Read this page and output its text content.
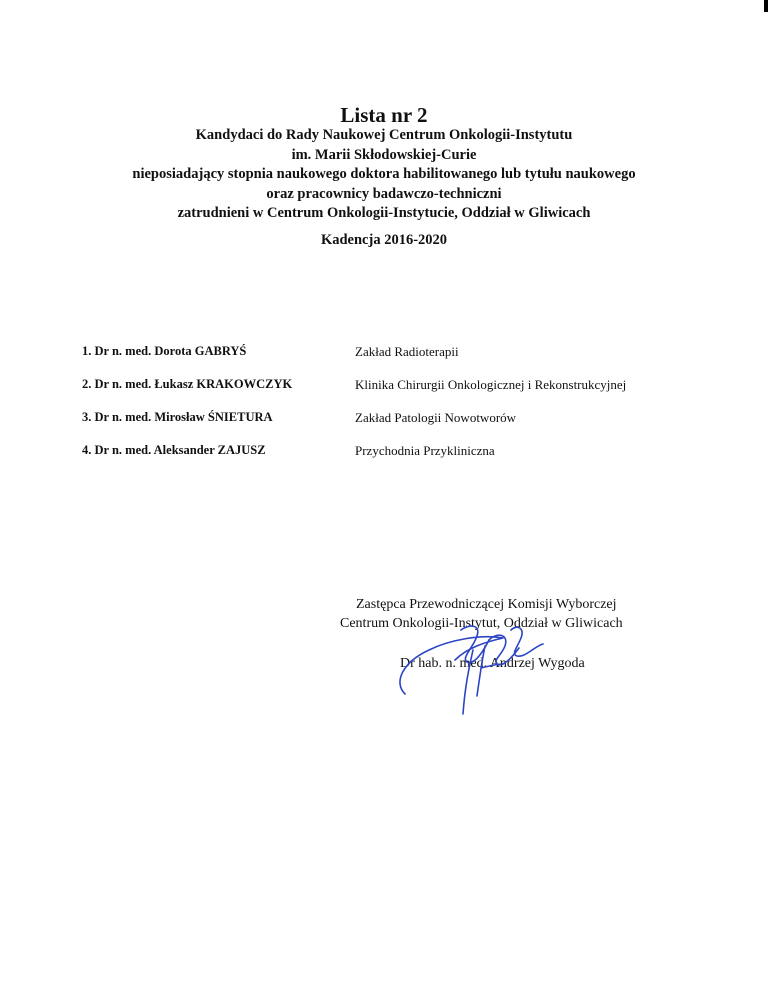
Lista nr 2
Kandydaci do Rady Naukowej Centrum Onkologii-Instytutu
im. Marii Skłodowskiej-Curie
nieposiadający stopnia naukowego doktora habilitowanego lub tytułu naukowego
oraz pracownicy badawczo-techniczni
zatrudnieni w Centrum Onkologii-Instytucie, Oddział w Gliwicach
Kadencja 2016-2020
1. Dr n. med. Dorota GABRYŚ	Zakład Radioterapii
2. Dr n. med. Łukasz KRAKOWCZYK	Klinika Chirurgii Onkologicznej i Rekonstrukcyjnej
3. Dr n. med. Mirosław ŚNIETURA	Zakład Patologii Nowotworów
4. Dr n. med. Aleksander ZAJUSZ	Przychodnia Przykliniczna
Zastępca Przewodniczącej Komisji Wyborczej
Centrum Onkologii-Instytut, Oddział w Gliwicach
Dr hab. n. med. Andrzej Wygoda
